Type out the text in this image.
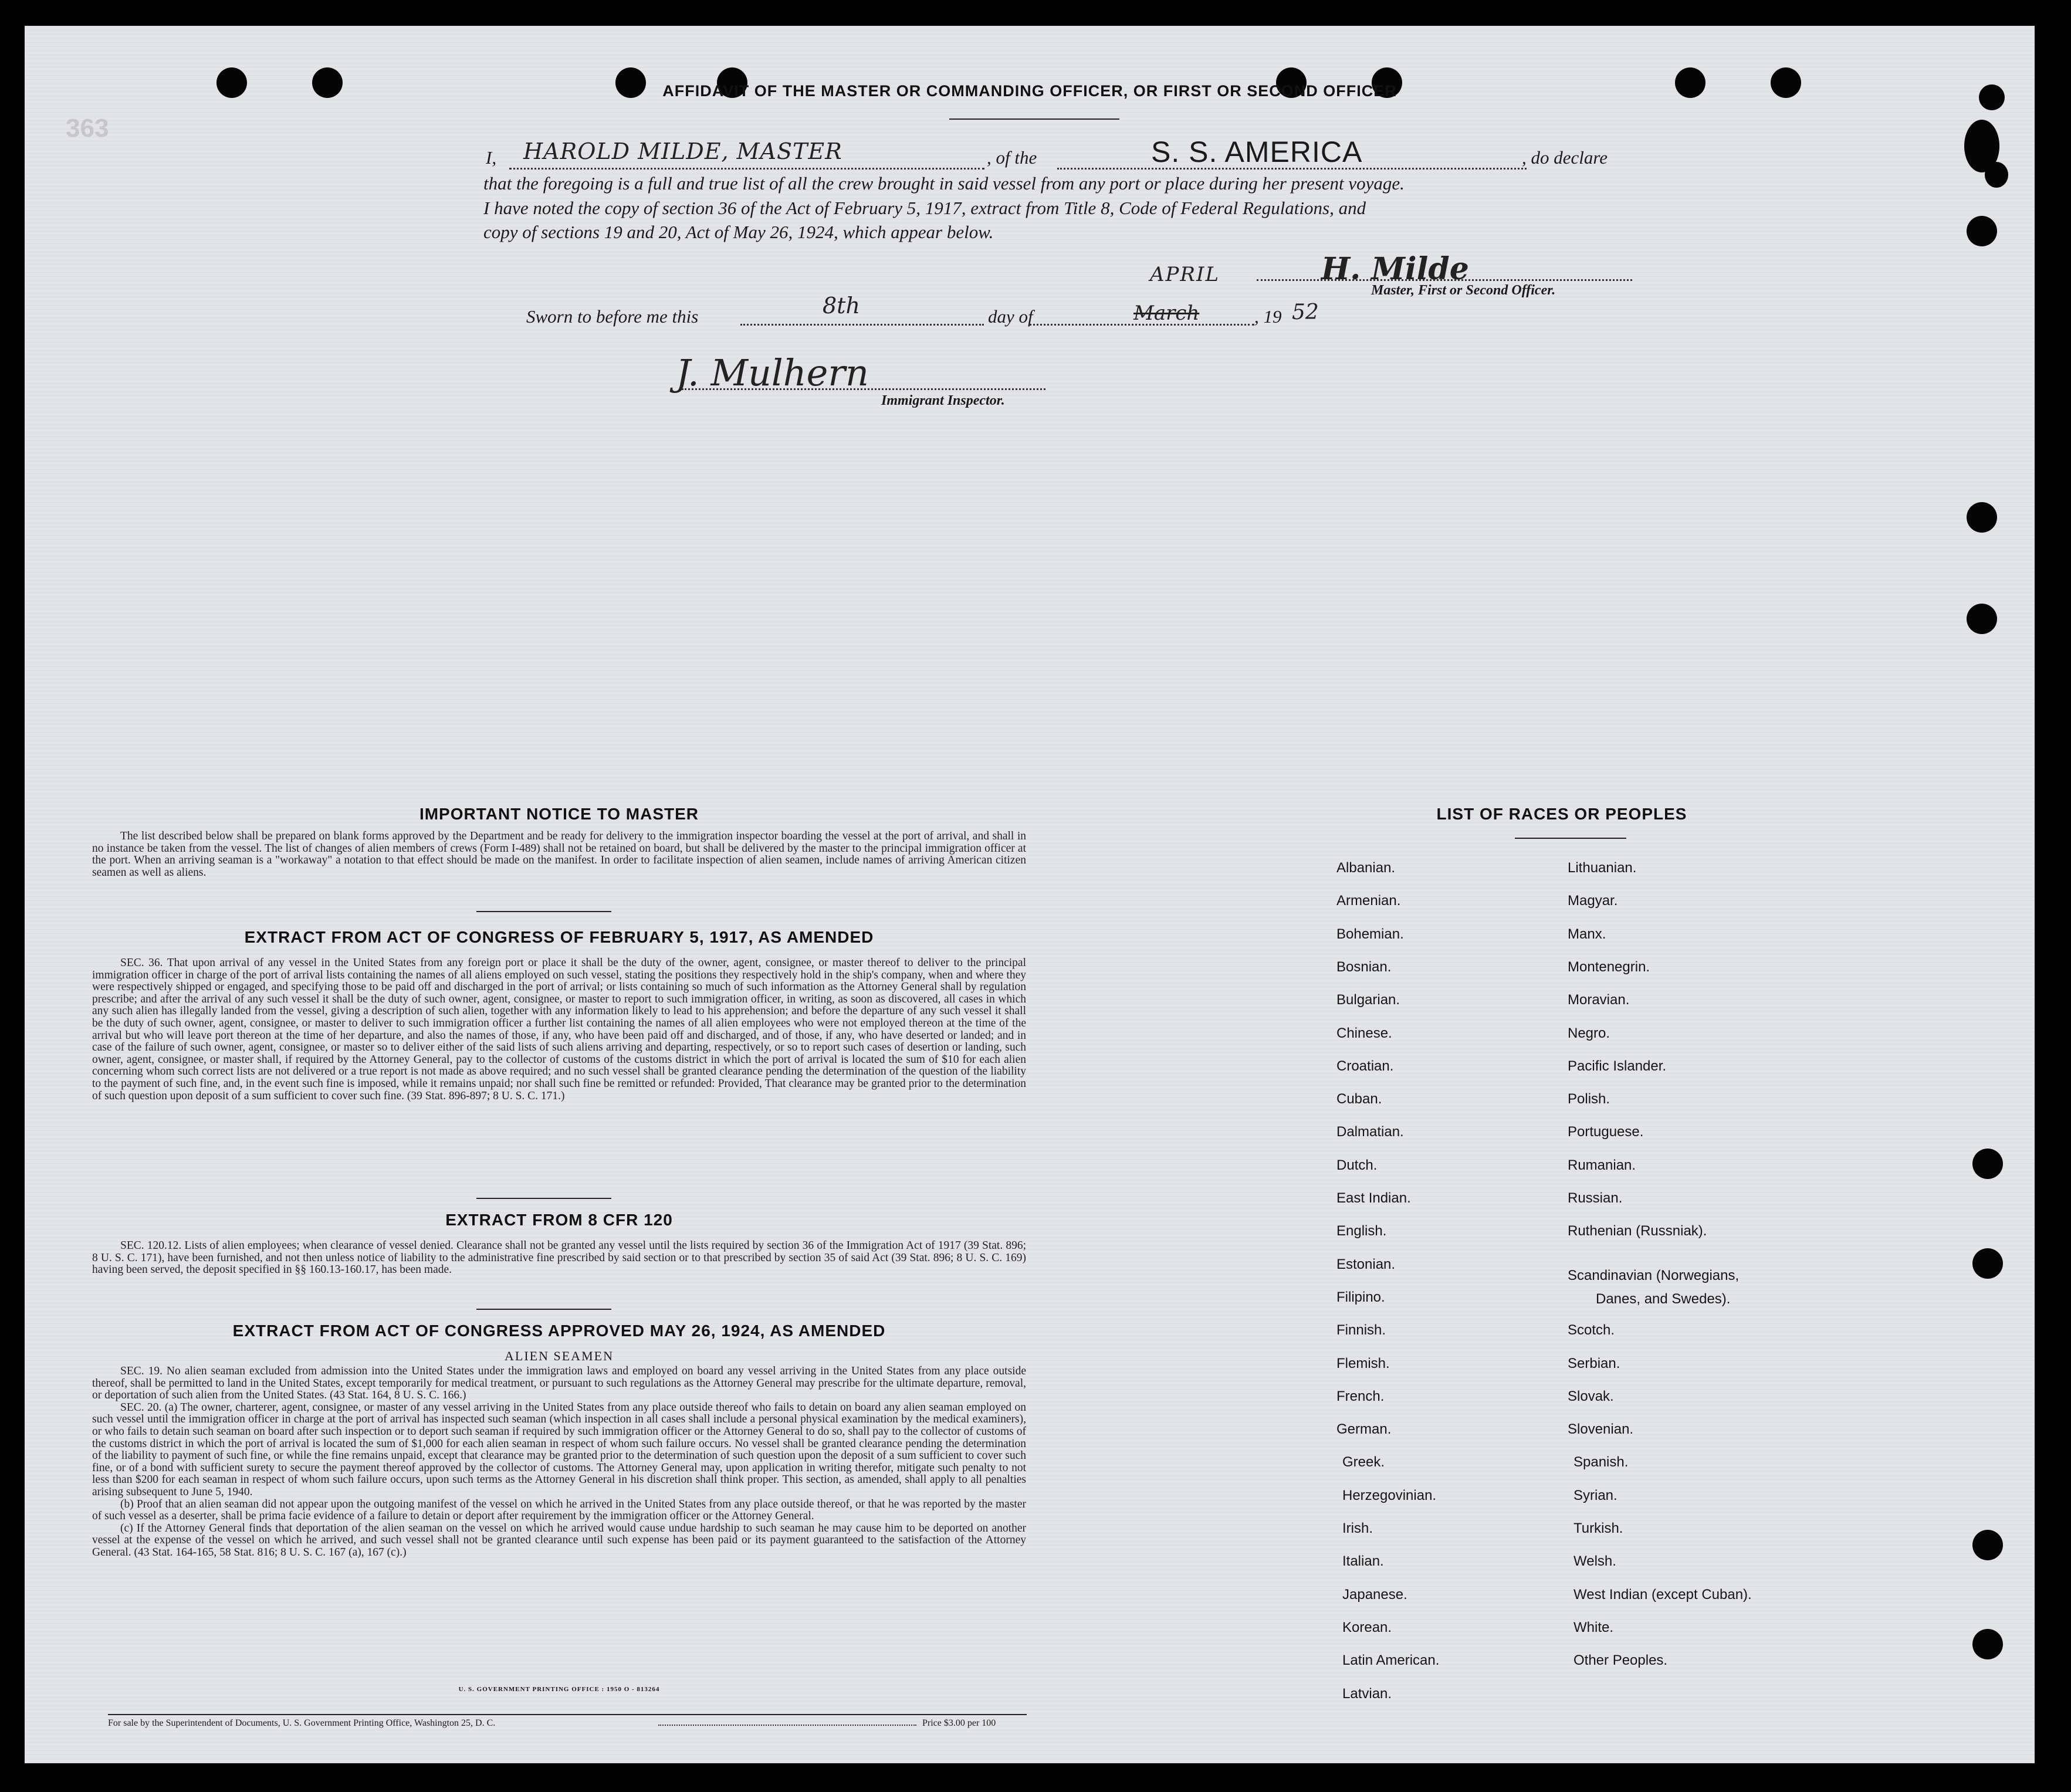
363
AFFIDAVIT OF THE MASTER OR COMMANDING OFFICER, OR FIRST OR SECOND OFFICER
I, HAROLD MILDE, MASTER	, of the	S. S. AMERICA	, do declare
that the foregoing is a full and true list of all the crew brought in said vessel from any port or place during her present voyage.
I have noted the copy of section 36 of the Act of February 5, 1917, extract from Title 8, Code of Federal Regulations, and
copy of sections 19 and 20, Act of May 26, 1924, which appear below.
APRIL	H. Milde
Master, First or Second Officer.
Sworn to before me this	8th	day of	March	, 19 52
J. Mulhern
Immigrant Inspector.
IMPORTANT NOTICE TO MASTER

The list described below shall be prepared on blank forms approved by the Department and be ready for delivery to the immigration inspector boarding the vessel at the port of arrival, and shall in no instance be taken from the vessel. The list of changes of alien members of crews (Form I-489) shall not be retained on board, but shall be delivered by the master to the principal immigration officer at the port. When an arriving seaman is a "workaway" a notation to that effect should be made on the manifest. In order to facilitate inspection of alien seamen, include names of arriving American citizen seamen as well as aliens.

EXTRACT FROM ACT OF CONGRESS OF FEBRUARY 5, 1917, AS AMENDED

SEC. 36. That upon arrival of any vessel in the United States from any foreign port or place it shall be the duty of the owner, agent, consignee, or master thereof to deliver to the principal immigration officer in charge of the port of arrival lists containing the names of all aliens employed on such vessel, stating the positions they respectively hold in the ship's company, when and where they were respectively shipped or engaged, and specifying those to be paid off and discharged in the port of arrival; or lists containing so much of such information as the Attorney General shall by regulation prescribe; and after the arrival of any such vessel it shall be the duty of such owner, agent, consignee, or master to report to such immigration officer, in writing, as soon as discovered, all cases in which any such alien has illegally landed from the vessel, giving a description of such alien, together with any information likely to lead to his apprehension; and before the departure of any such vessel it shall be the duty of such owner, agent, consignee, or master to deliver to such immigration officer a further list containing the names of all alien employees who were not employed thereon at the time of the arrival but who will leave port thereon at the time of her departure, and also the names of those, if any, who have been paid off and discharged, and of those, if any, who have deserted or landed; and in case of the failure of such owner, agent, consignee, or master so to deliver either of the said lists of such aliens arriving and departing, respectively, or so to report such cases of desertion or landing, such owner, agent, consignee, or master shall, if required by the Attorney General, pay to the collector of customs of the customs district in which the port of arrival is located the sum of $10 for each alien concerning whom such correct lists are not delivered or a true report is not made as above required; and no such vessel shall be granted clearance pending the determination of the question of the liability to the payment of such fine, and, in the event such fine is imposed, while it remains unpaid; nor shall such fine be remitted or refunded: Provided, That clearance may be granted prior to the determination of such question upon deposit of a sum sufficient to cover such fine. (39 Stat. 896-897; 8 U. S. C. 171.)

EXTRACT FROM 8 CFR 120

SEC. 120.12. Lists of alien employees; when clearance of vessel denied. Clearance shall not be granted any vessel until the lists required by section 36 of the Immigration Act of 1917 (39 Stat. 896; 8 U. S. C. 171), have been furnished, and not then unless notice of liability to the administrative fine prescribed by said section or to that prescribed by section 35 of said Act (39 Stat. 896; 8 U. S. C. 169) having been served, the deposit specified in §§ 160.13-160.17, has been made.

EXTRACT FROM ACT OF CONGRESS APPROVED MAY 26, 1924, AS AMENDED
ALIEN SEAMEN

SEC. 19. No alien seaman excluded from admission into the United States under the immigration laws and employed on board any vessel arriving in the United States from any place outside thereof, shall be permitted to land in the United States, except temporarily for medical treatment, or pursuant to such regulations as the Attorney General may prescribe for the ultimate departure, removal, or deportation of such alien from the United States. (43 Stat. 164, 8 U. S. C. 166.)

SEC. 20. (a) The owner, charterer, agent, consignee, or master of any vessel arriving in the United States from any place outside thereof who fails to detain on board any alien seaman employed on such vessel until the immigration officer in charge at the port of arrival has inspected such seaman (which inspection in all cases shall include a personal physical examination by the medical examiners), or who fails to detain such seaman on board after such inspection or to deport such seaman if required by such immigration officer or the Attorney General to do so, shall pay to the collector of customs of the customs district in which the port of arrival is located the sum of $1,000 for each alien seaman in respect of whom such failure occurs. No vessel shall be granted clearance pending the determination of the liability to payment of such fine, or while the fine remains unpaid, except that clearance may be granted prior to the determination of such question upon the deposit of a sum sufficient to cover such fine, or of a bond with sufficient surety to secure the payment thereof approved by the collector of customs. The Attorney General may, upon application in writing therefor, mitigate such penalty to not less than $200 for each seaman in respect of whom such failure occurs, upon such terms as the Attorney General in his discretion shall think proper. This section, as amended, shall apply to all penalties arising subsequent to June 5, 1940.

(b) Proof that an alien seaman did not appear upon the outgoing manifest of the vessel on which he arrived in the United States from any place outside thereof, or that he was reported by the master of such vessel as a deserter, shall be prima facie evidence of a failure to detain or deport after requirement by the immigration officer or the Attorney General.

(c) If the Attorney General finds that deportation of the alien seaman on the vessel on which he arrived would cause undue hardship to such seaman he may cause him to be deported on another vessel at the expense of the vessel on which he arrived, and such vessel shall not be granted clearance until such expense has been paid or its payment guaranteed to the satisfaction of the Attorney General. (43 Stat. 164-165, 58 Stat. 816; 8 U. S. C. 167 (a), 167 (c).)

U. S. GOVERNMENT PRINTING OFFICE : 1950 O - 813264
For sale by the Superintendent of Documents, U. S. Government Printing Office, Washington 25, D. C.	Price $3.00 per 100
LIST OF RACES OR PEOPLES
Albanian.
Armenian.
Bohemian.
Bosnian.
Bulgarian.
Chinese.
Croatian.
Cuban.
Dalmatian.
Dutch.
East Indian.
English.
Estonian.
Filipino.
Finnish.
Flemish.
French.
German.
Greek.
Herzegovinian.
Irish.
Italian.
Japanese.
Korean.
Latin American.
Latvian.
Lithuanian.
Magyar.
Manx.
Montenegrin.
Moravian.
Negro.
Pacific Islander.
Polish.
Portuguese.
Rumanian.
Russian.
Ruthenian (Russniak).
Scandinavian (Norwegians,
Danes, and Swedes).
Scotch.
Serbian.
Slovak.
Slovenian.
Spanish.
Syrian.
Turkish.
Welsh.
West Indian (except Cuban).
White.
Other Peoples.
